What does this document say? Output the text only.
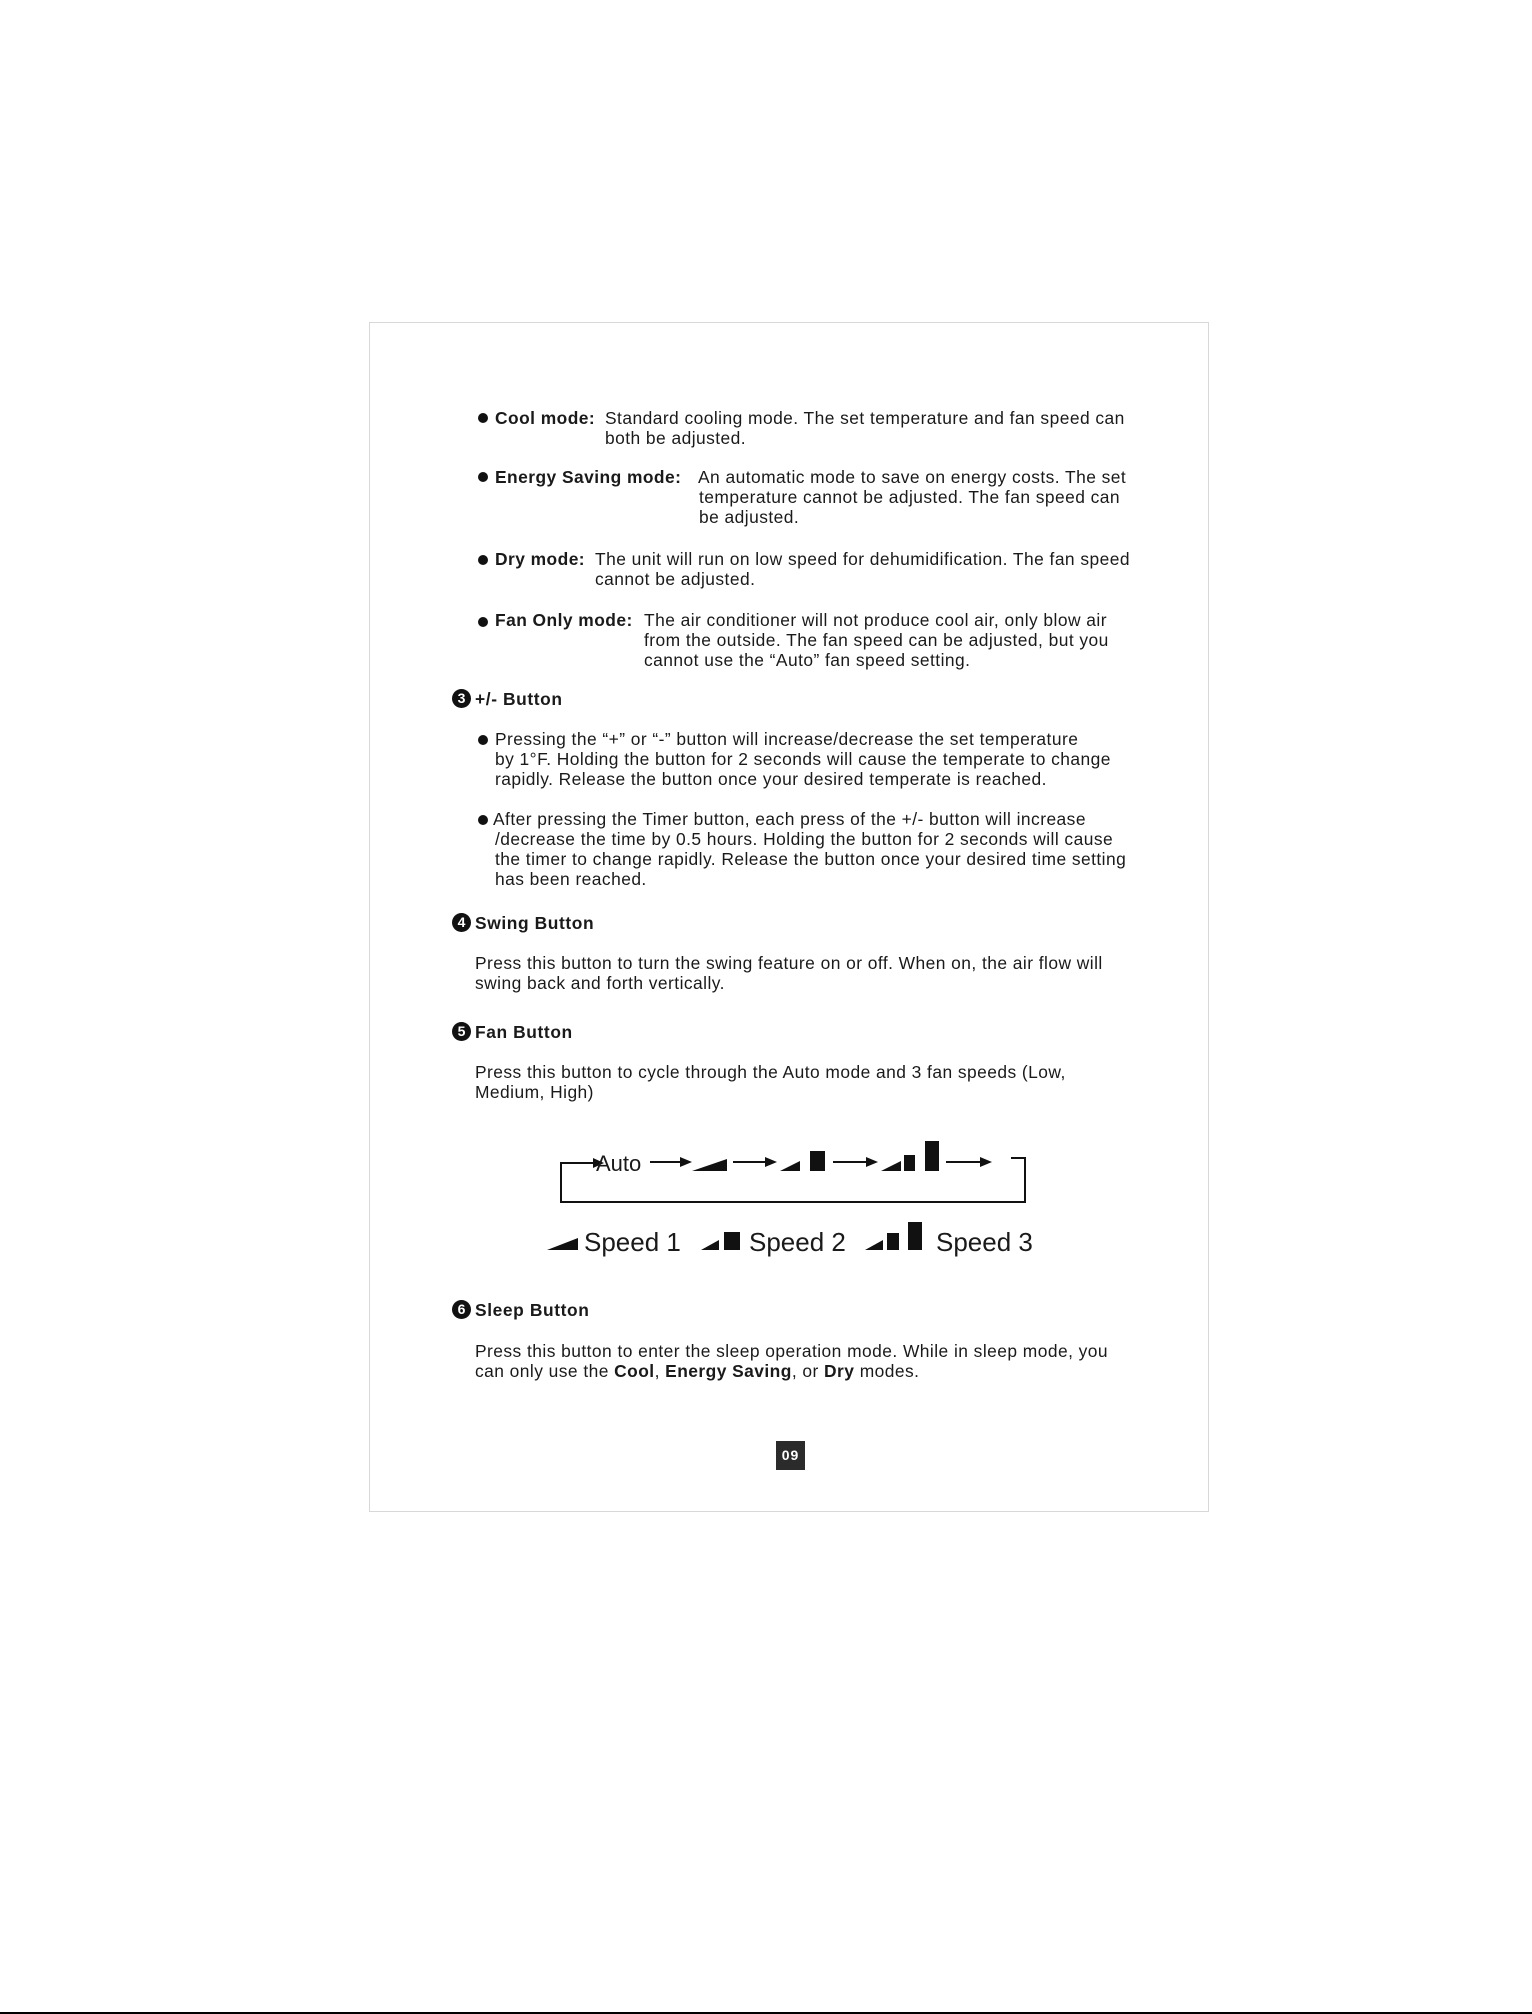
Cool mode: Standard cooling mode. The set temperature and fan speed can
both be adjusted.
Energy Saving mode: An automatic mode to save on energy costs. The set
temperature cannot be adjusted. The fan speed can
be adjusted.
Dry mode: The unit will run on low speed for dehumidification. The fan speed
cannot be adjusted.
Fan Only mode: The air conditioner will not produce cool air, only blow air
from the outside. The fan speed can be adjusted, but you
cannot use the “Auto” fan speed setting.
3 +/- Button
Pressing the “+” or “-” button will increase/decrease the set temperature
by 1°F. Holding the button for 2 seconds will cause the temperate to change
rapidly. Release the button once your desired temperate is reached.
After pressing the Timer button, each press of the +/- button will increase
/decrease the time by 0.5 hours. Holding the button for 2 seconds will cause
the timer to change rapidly. Release the button once your desired time setting
has been reached.
4 Swing Button
Press this button to turn the swing feature on or off. When on, the air flow will
swing back and forth vertically.
5 Fan Button
Press this button to cycle through the Auto mode and 3 fan speeds (Low,
Medium, High)
Auto
Speed 1	Speed 2	Speed 3
6 Sleep Button
Press this button to enter the sleep operation mode. While in sleep mode, you
can only use the Cool, Energy Saving, or Dry modes.
09
